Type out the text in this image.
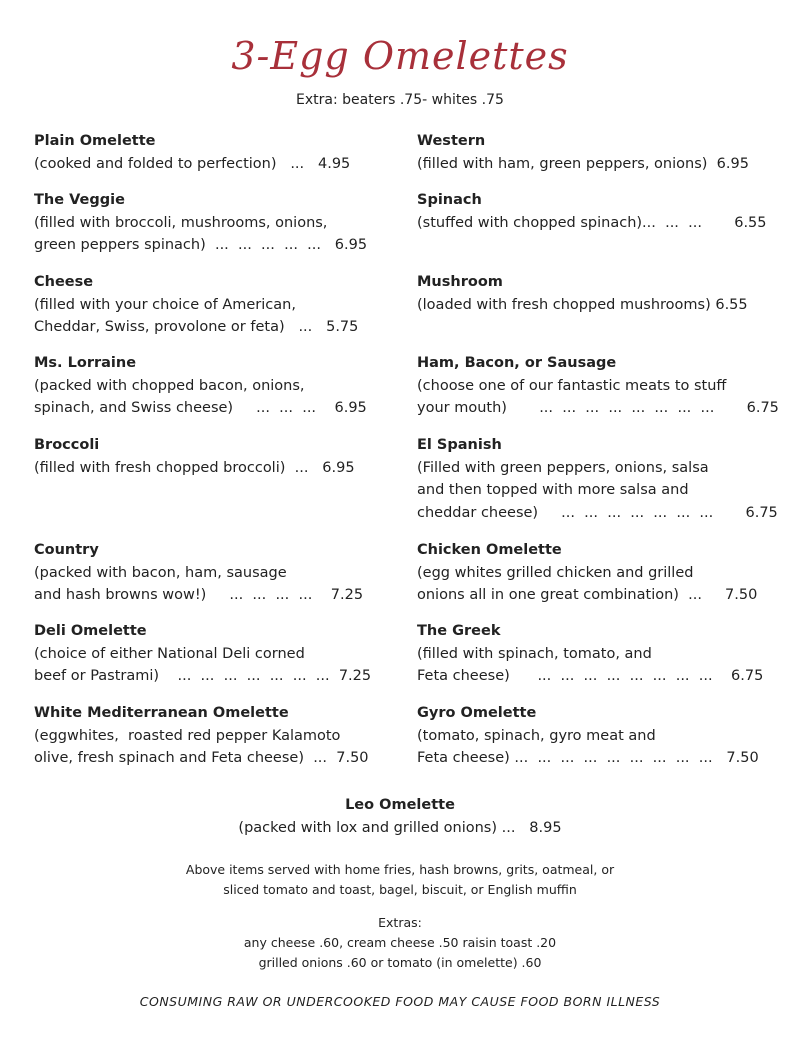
3-Egg Omelettes
Extra: beaters .75- whites .75
Plain Omelette
(cooked and folded to perfection)   ...   4.95
The Veggie
(filled with broccoli, mushrooms, onions,
green peppers spinach)  ...  ...  ...  ...  ...   6.95
Cheese
(filled with your choice of American,
Cheddar, Swiss, provolone or feta)   ...   5.75
Ms. Lorraine
(packed with chopped bacon, onions,
spinach, and Swiss cheese)     ...  ...  ...    6.95
Broccoli
(filled with fresh chopped broccoli)  ...   6.95
Country
(packed with bacon, ham, sausage
and hash browns wow!)     ...  ...  ...  ...    7.25
Deli Omelette
(choice of either National Deli corned
beef or Pastrami)    ...  ...  ...  ...  ...  ...  ...  7.25
White Mediterranean Omelette
(eggwhites,  roasted red pepper Kalamoto
olive, fresh spinach and Feta cheese)  ...  7.50
Western
(filled with ham, green peppers, onions)  6.95
Spinach
(stuffed with chopped spinach)...  ...  ...       6.55
Mushroom
(loaded with fresh chopped mushrooms) 6.55
Ham, Bacon, or Sausage
(choose one of our fantastic meats to stuff
your mouth)       ...  ...  ...  ...  ...  ...  ...  ...       6.75
El Spanish
(Filled with green peppers, onions, salsa
and then topped with more salsa and
cheddar cheese)     ...  ...  ...  ...  ...  ...  ...       6.75
Chicken Omelette
(egg whites grilled chicken and grilled
onions all in one great combination)  ...     7.50
The Greek
(filled with spinach, tomato, and
Feta cheese)      ...  ...  ...  ...  ...  ...  ...  ...    6.75
Gyro Omelette
(tomato, spinach, gyro meat and
Feta cheese) ...  ...  ...  ...  ...  ...  ...  ...  ...   7.50
Leo Omelette
(packed with lox and grilled onions) ...   8.95
Above items served with home fries, hash browns, grits, oatmeal, or
sliced tomato and toast, bagel, biscuit, or English muffin
Extras:
any cheese .60, cream cheese .50 raisin toast .20
grilled onions .60 or tomato (in omelette) .60
CONSUMING RAW OR UNDERCOOKED FOOD MAY CAUSE FOOD BORN ILLNESS
